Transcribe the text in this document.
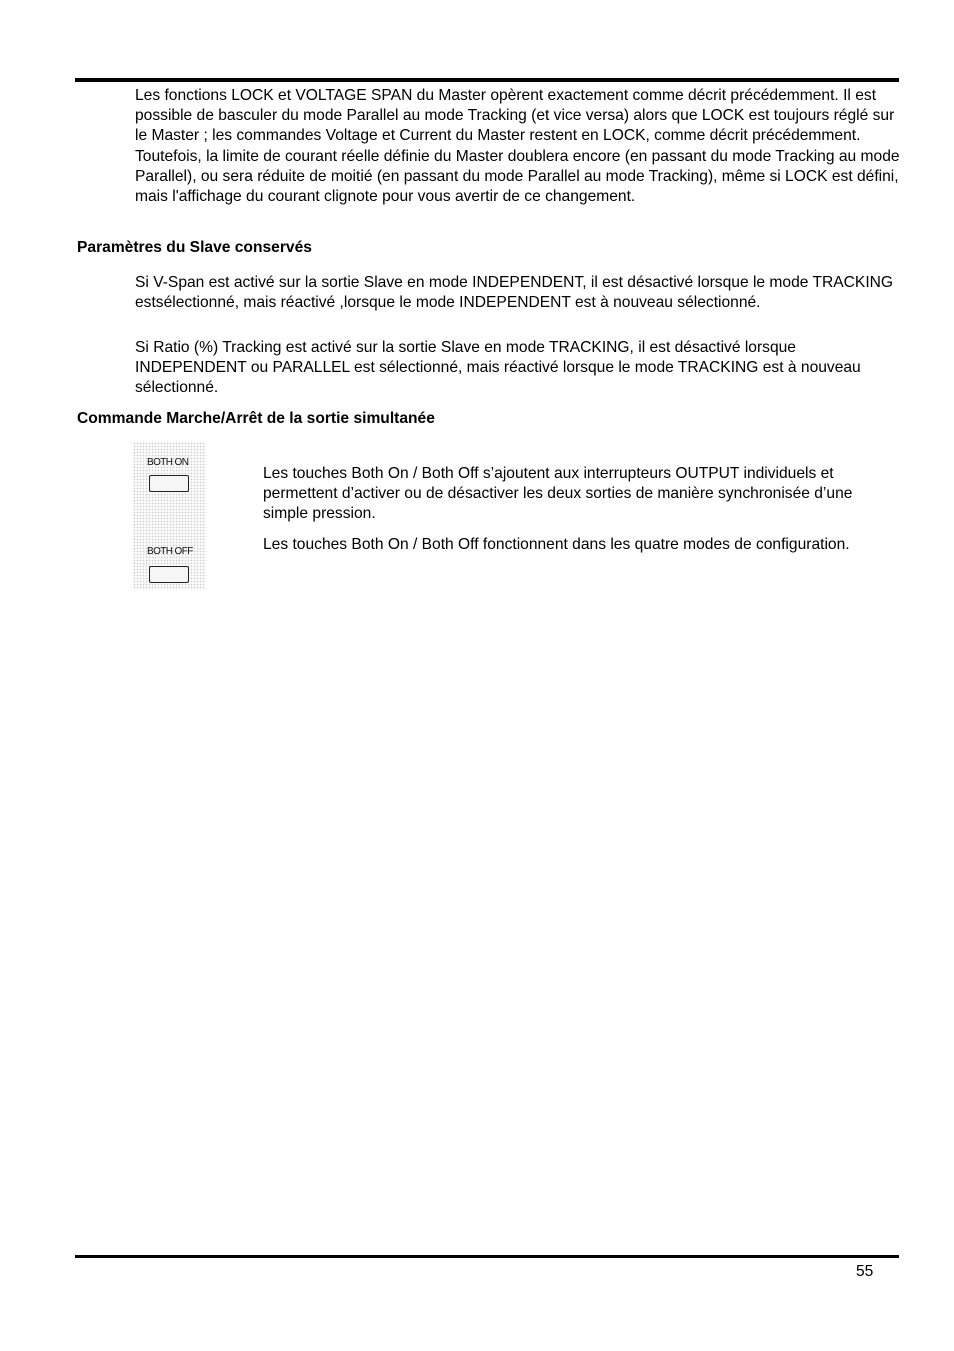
Les fonctions LOCK et VOLTAGE SPAN du Master opèrent exactement comme décrit précédemment. Il est possible de basculer du mode Parallel au mode Tracking (et vice versa) alors que LOCK est toujours réglé sur le Master ; les commandes Voltage et Current du Master restent en LOCK, comme décrit précédemment. Toutefois, la limite de courant réelle définie du Master doublera encore (en passant du mode Tracking au mode Parallel), ou sera réduite de moitié (en passant du mode Parallel au mode Tracking), même si LOCK est défini, mais l'affichage du courant clignote pour vous avertir de ce changement.

Paramètres du Slave conservés

Si V-Span est activé sur la sortie Slave en mode INDEPENDENT, il est désactivé lorsque le mode TRACKING estsélectionné, mais réactivé ,lorsque le mode INDEPENDENT est à nouveau sélectionné.

Si Ratio (%) Tracking est activé sur la sortie Slave en mode TRACKING, il est désactivé lorsque INDEPENDENT ou PARALLEL est sélectionné, mais réactivé lorsque le mode TRACKING est à nouveau sélectionné.

Commande Marche/Arrêt de la sortie simultanée

BOTH ON
BOTH OFF

Les touches Both On / Both Off s’ajoutent aux interrupteurs OUTPUT individuels et permettent d’activer ou de désactiver les deux sorties de manière synchronisée d’une simple pression.

Les touches Both On / Both Off fonctionnent dans les quatre modes de configuration.

55
